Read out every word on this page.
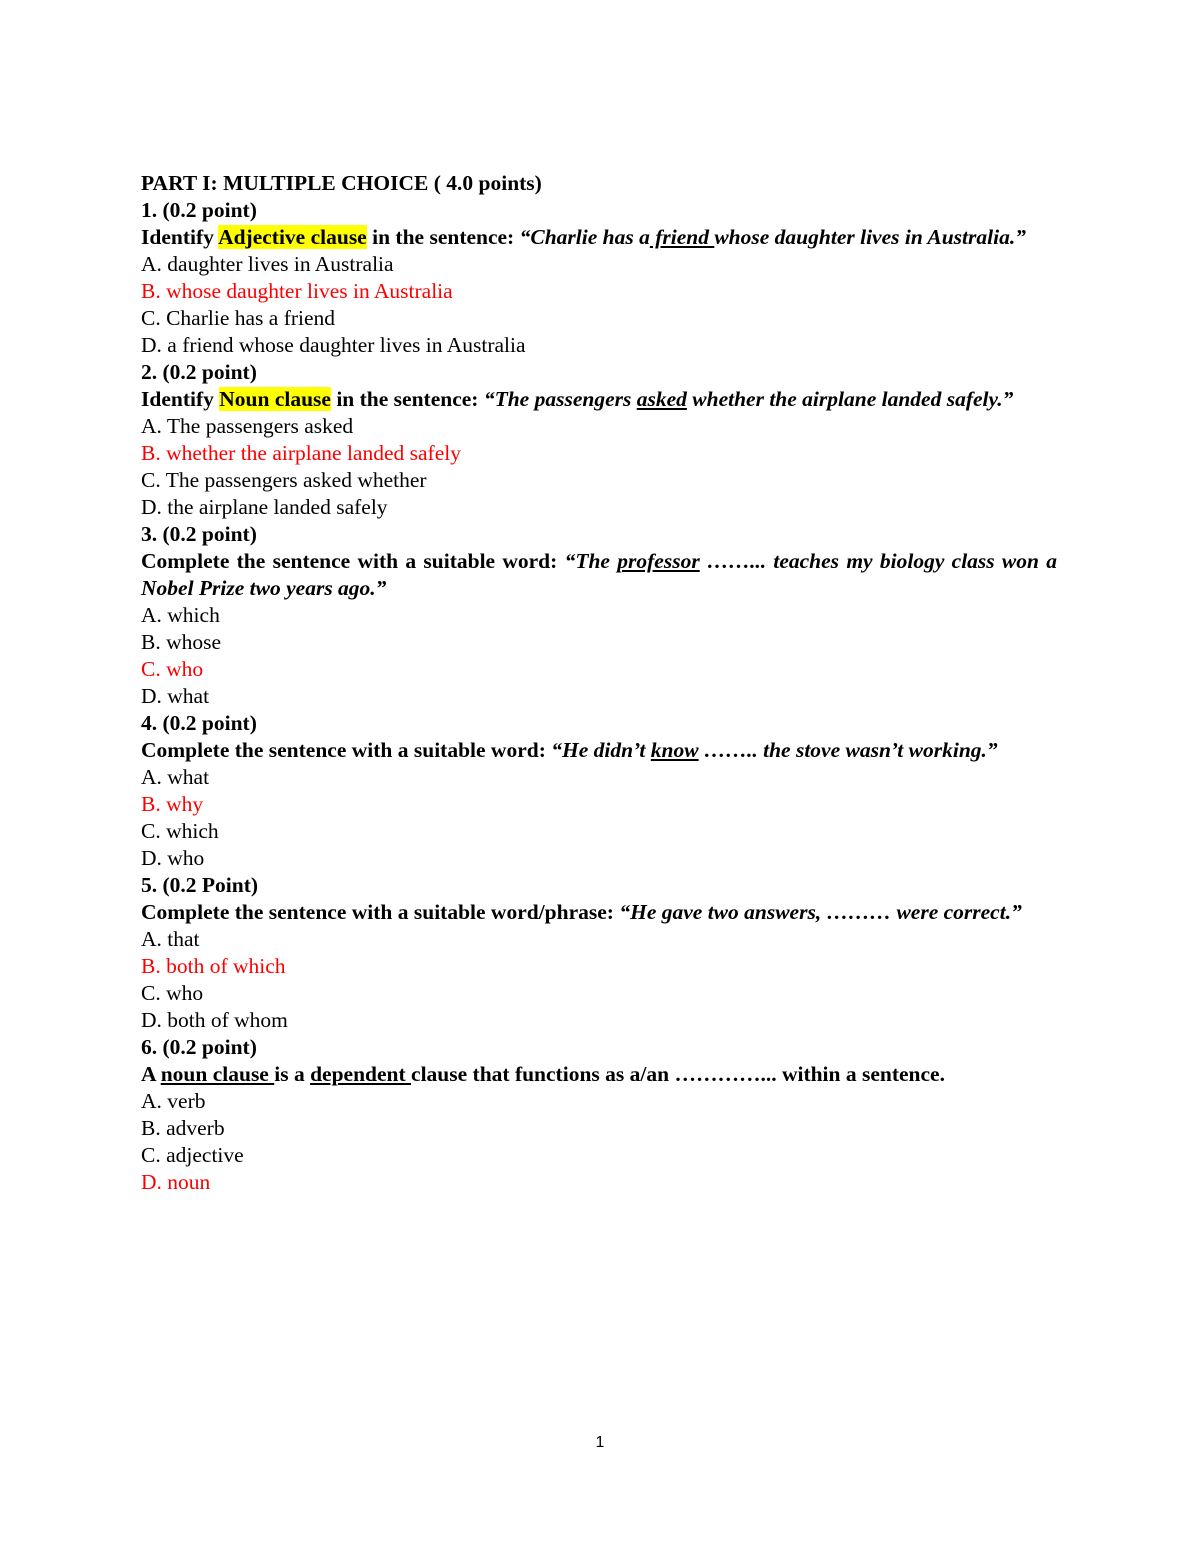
PART I: MULTIPLE CHOICE ( 4.0 points)
1. (0.2 point)
Identify Adjective clause in the sentence: “Charlie has a friend whose daughter lives in Australia.”
A. daughter lives in Australia
B. whose daughter lives in Australia
C. Charlie has a friend
D. a friend whose daughter lives in Australia
2. (0.2 point)
Identify Noun clause in the sentence: “The passengers asked whether the airplane landed safely.”
A. The passengers asked
B. whether the airplane landed safely
C. The passengers asked whether
D. the airplane landed safely
3. (0.2 point)
Complete the sentence with a suitable word: “The professor ……... teaches my biology class won a Nobel Prize two years ago.”
A. which
B. whose
C. who
D. what
4. (0.2 point)
Complete the sentence with a suitable word: “He didn’t know …….. the stove wasn’t working.”
A. what
B. why
C. which
D. who
5. (0.2 Point)
Complete the sentence with a suitable word/phrase: “He gave two answers, ……… were correct.”
A. that
B. both of which
C. who
D. both of whom
6. (0.2 point)
A noun clause is a dependent clause that functions as a/an …………... within a sentence.
A. verb
B. adverb
C. adjective
D. noun
1
